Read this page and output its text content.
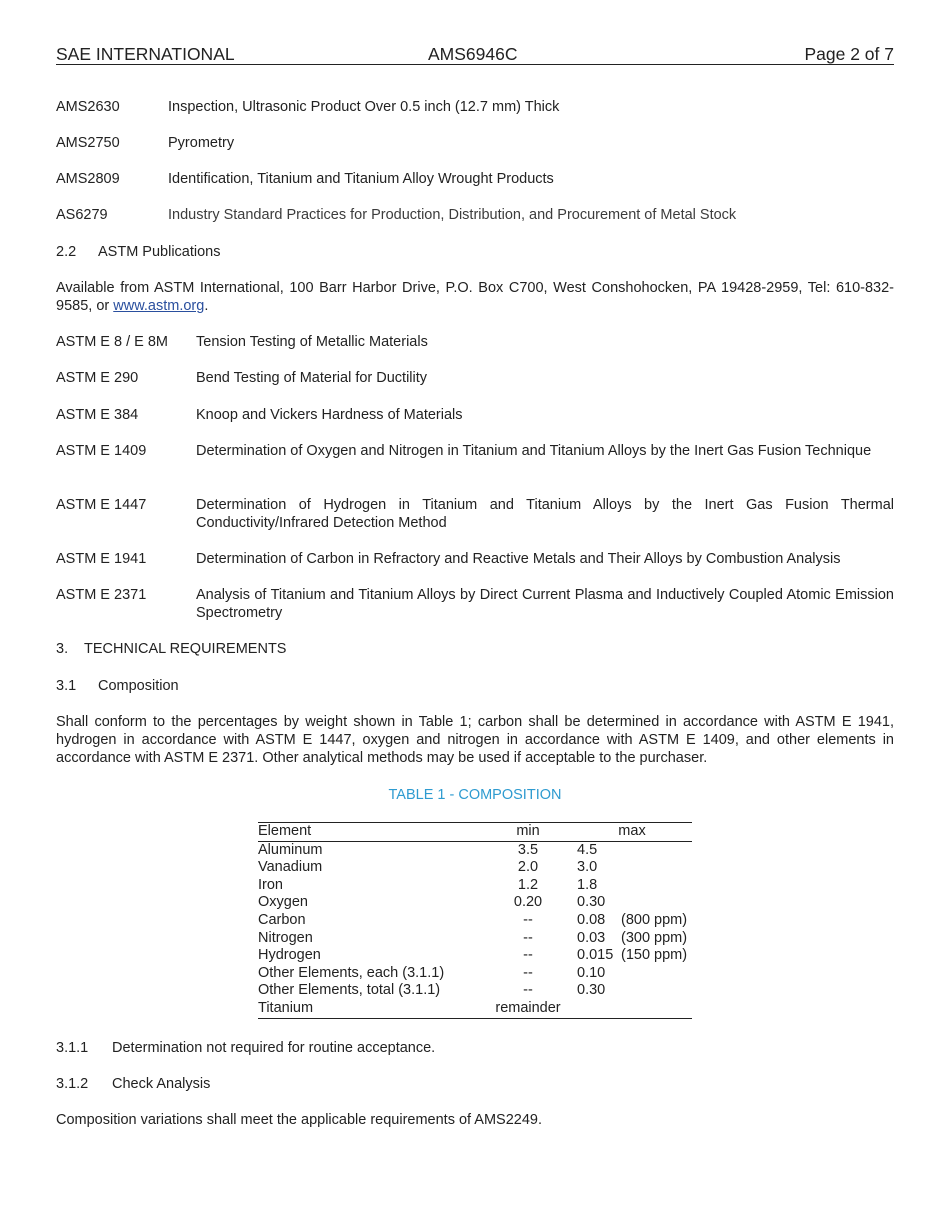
SAE INTERNATIONAL	AMS6946C	Page 2 of 7
AMS2630	Inspection, Ultrasonic Product Over 0.5 inch (12.7 mm) Thick
AMS2750	Pyrometry
AMS2809	Identification, Titanium and Titanium Alloy Wrought Products
AS6279	Industry Standard Practices for Production, Distribution, and Procurement of Metal Stock
2.2 ASTM Publications
Available from ASTM International, 100 Barr Harbor Drive, P.O. Box C700, West Conshohocken, PA 19428-2959, Tel: 610-832-9585, or www.astm.org.
ASTM E 8 / E 8M Tension Testing of Metallic Materials
ASTM E 290	Bend Testing of Material for Ductility
ASTM E 384	Knoop and Vickers Hardness of Materials
ASTM E 1409	Determination of Oxygen and Nitrogen in Titanium and Titanium Alloys by the Inert Gas Fusion Technique
ASTM E 1447	Determination of Hydrogen in Titanium and Titanium Alloys by the Inert Gas Fusion Thermal Conductivity/Infrared Detection Method
ASTM E 1941	Determination of Carbon in Refractory and Reactive Metals and Their Alloys by Combustion Analysis
ASTM E 2371	Analysis of Titanium and Titanium Alloys by Direct Current Plasma and Inductively Coupled Atomic Emission Spectrometry
3. TECHNICAL REQUIREMENTS
3.1 Composition
Shall conform to the percentages by weight shown in Table 1; carbon shall be determined in accordance with ASTM E 1941, hydrogen in accordance with ASTM E 1447, oxygen and nitrogen in accordance with ASTM E 1409, and other elements in accordance with ASTM E 2371. Other analytical methods may be used if acceptable to the purchaser.
TABLE 1 - COMPOSITION
Element	min	max	
Aluminum	3.5	4.5	
Vanadium	2.0	3.0	
Iron	1.2	1.8	
Oxygen	0.20	0.30	
Carbon	--	0.08	(800 ppm)
Nitrogen	--	0.03	(300 ppm)
Hydrogen	--	0.015	(150 ppm)
Other Elements, each (3.1.1)	--	0.10	
Other Elements, total (3.1.1)	--	0.30	
Titanium	remainder		
3.1.1 Determination not required for routine acceptance.
3.1.2 Check Analysis
Composition variations shall meet the applicable requirements of AMS2249.
